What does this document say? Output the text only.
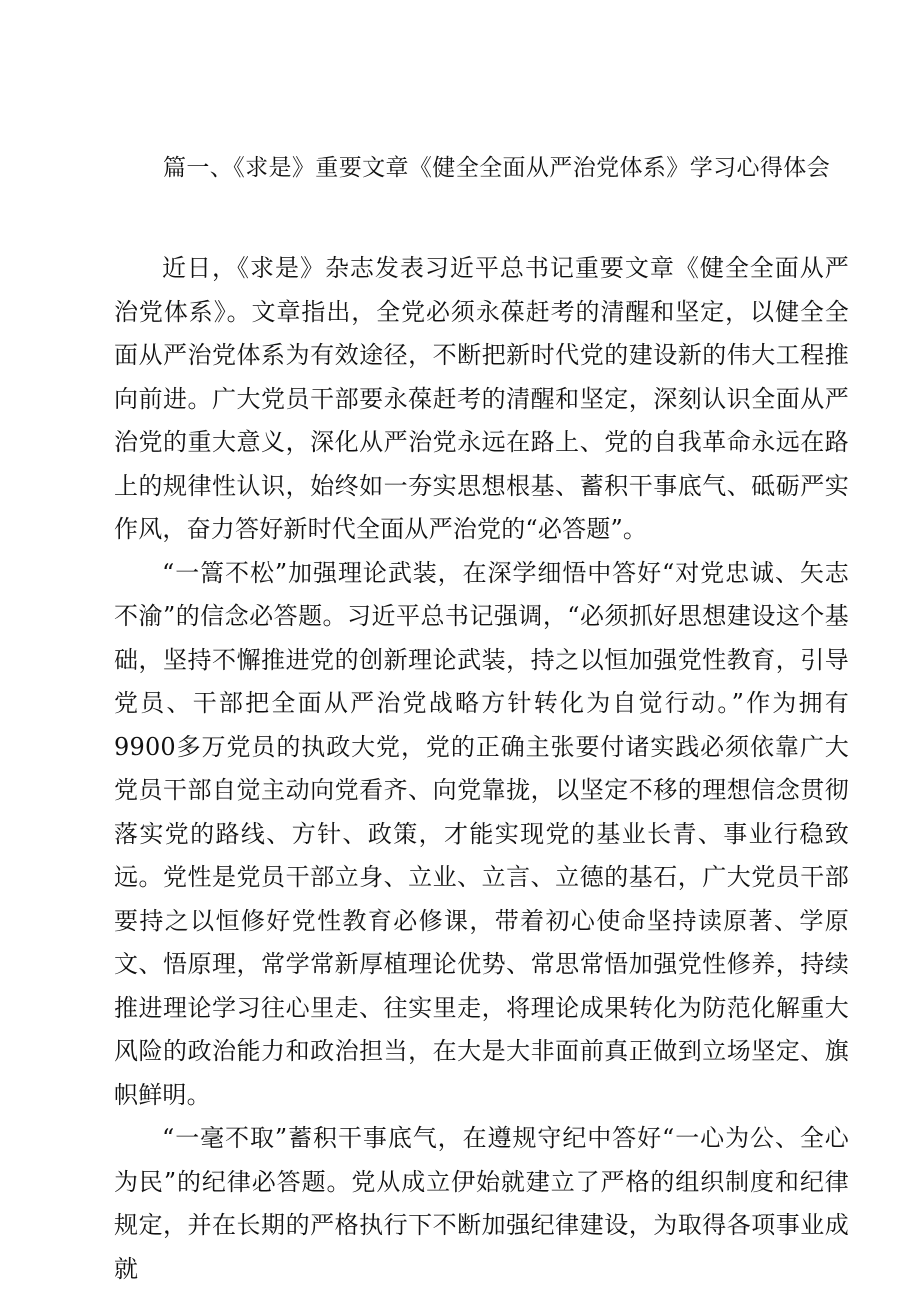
篇一、《求是》重要文章《健全全面从严治党体系》学习心得体会

近日，《求是》杂志发表习近平总书记重要文章《健全全面从严治党体系》。文章指出，全党必须永葆赶考的清醒和坚定，以健全全面从严治党体系为有效途径，不断把新时代党的建设新的伟大工程推向前进。广大党员干部要永葆赶考的清醒和坚定，深刻认识全面从严治党的重大意义，深化从严治党永远在路上、党的自我革命永远在路上的规律性认识，始终如一夯实思想根基、蓄积干事底气、砥砺严实作风，奋力答好新时代全面从严治党的“必答题”。

“一篙不松”加强理论武装，在深学细悟中答好“对党忠诚、矢志不渝”的信念必答题。习近平总书记强调，“必须抓好思想建设这个基础，坚持不懈推进党的创新理论武装，持之以恒加强党性教育，引导党员、干部把全面从严治党战略方针转化为自觉行动。”作为拥有9900多万党员的执政大党，党的正确主张要付诸实践必须依靠广大党员干部自觉主动向党看齐、向党靠拢，以坚定不移的理想信念贯彻落实党的路线、方针、政策，才能实现党的基业长青、事业行稳致远。党性是党员干部立身、立业、立言、立德的基石，广大党员干部要持之以恒修好党性教育必修课，带着初心使命坚持读原著、学原文、悟原理，常学常新厚植理论优势、常思常悟加强党性修养，持续推进理论学习往心里走、往实里走，将理论成果转化为防范化解重大风险的政治能力和政治担当，在大是大非面前真正做到立场坚定、旗帜鲜明。

“一毫不取”蓄积干事底气，在遵规守纪中答好“一心为公、全心为民”的纪律必答题。党从成立伊始就建立了严格的组织制度和纪律规定，并在长期的严格执行下不断加强纪律建设，为取得各项事业成就
